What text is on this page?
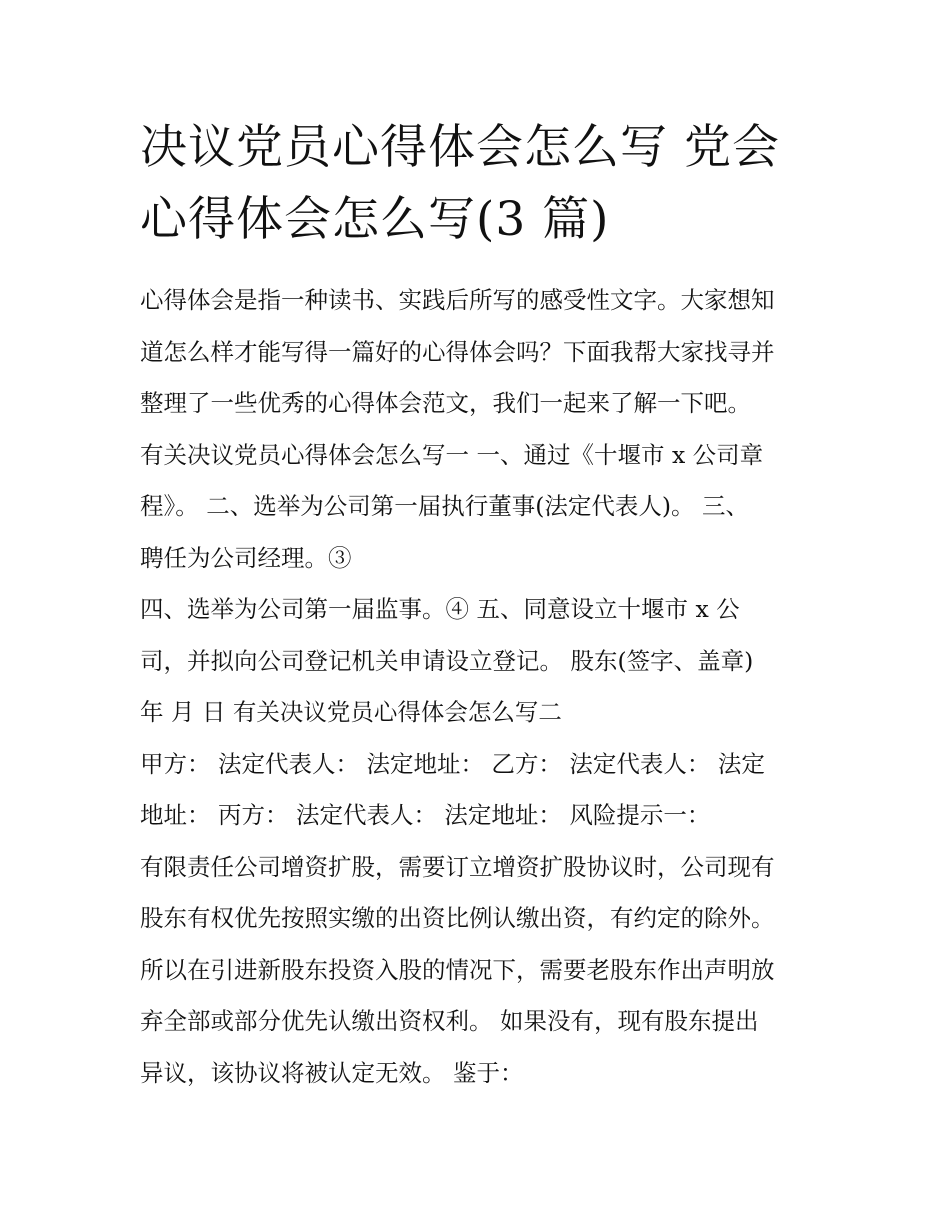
决议党员心得体会怎么写 党会
心得体会怎么写(3 篇)
心得体会是指一种读书、实践后所写的感受性文字。大家想知
道怎么样才能写得一篇好的心得体会吗？下面我帮大家找寻并
整理了一些优秀的心得体会范文，我们一起来了解一下吧。
有关决议党员心得体会怎么写一 一、通过《十堰市 x 公司章
程》。 二、选举为公司第一届执行董事(法定代表人)。 三、
聘任为公司经理。③
四、选举为公司第一届监事。④ 五、同意设立十堰市 x 公
司，并拟向公司登记机关申请设立登记。 股东(签字、盖章)
年 月 日 有关决议党员心得体会怎么写二
甲方： 法定代表人： 法定地址： 乙方： 法定代表人： 法定
地址： 丙方： 法定代表人： 法定地址： 风险提示一：
有限责任公司增资扩股，需要订立增资扩股协议时，公司现有
股东有权优先按照实缴的出资比例认缴出资，有约定的除外。
所以在引进新股东投资入股的情况下，需要老股东作出声明放
弃全部或部分优先认缴出资权利。 如果没有，现有股东提出
异议，该协议将被认定无效。 鉴于：
